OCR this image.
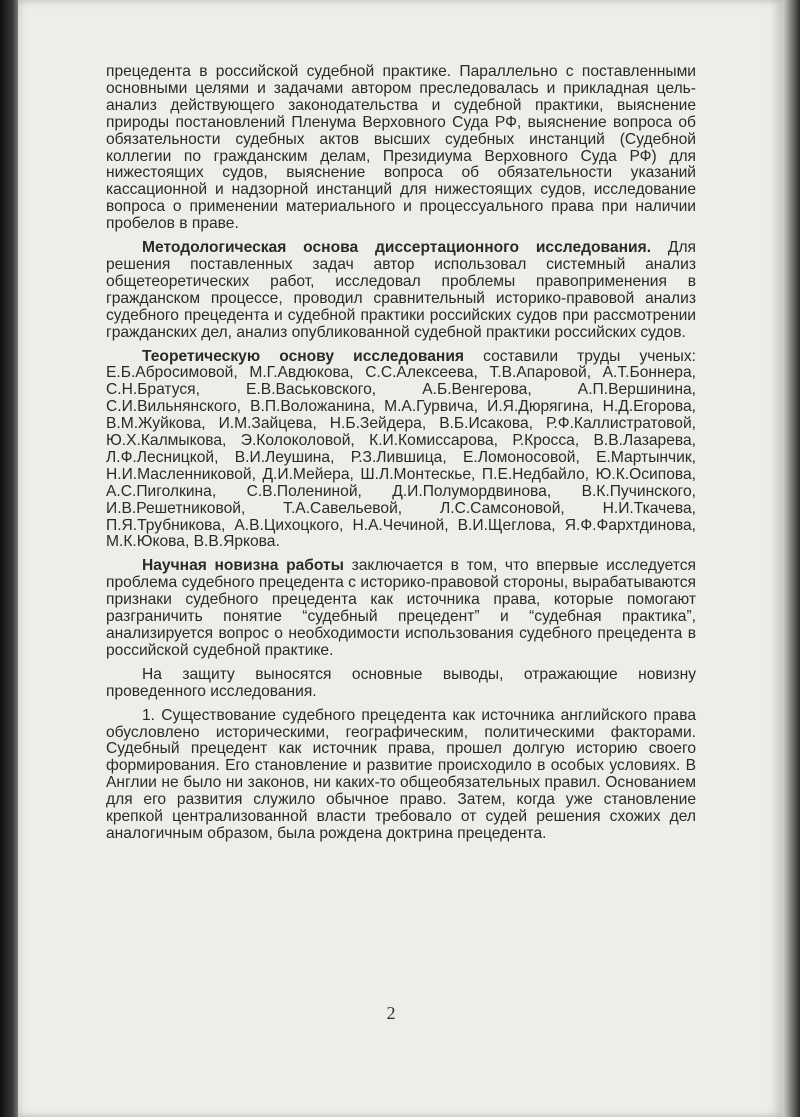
прецедента в российской судебной практике. Параллельно с поставленными основными целями и задачами автором преследовалась и прикладная цель- анализ действующего законодательства и судебной практики, выяснение природы постановлений Пленума Верховного Суда РФ, выяснение вопроса об обязательности судебных актов высших судебных инстанций (Судебной коллегии по гражданским делам, Президиума Верховного Суда РФ) для нижестоящих судов, выяснение вопроса об обязательности указаний кассационной и надзорной инстанций для нижестоящих судов, исследование вопроса о применении материального и процессуального права при наличии пробелов в праве.

Методологическая основа диссертационного исследования. Для решения поставленных задач автор использовал системный анализ общетеоретических работ, исследовал проблемы правоприменения в гражданском процессе, проводил сравнительный историко-правовой анализ судебного прецедента и судебной практики российских судов при рассмотрении гражданских дел, анализ опубликованной судебной практики российских судов.

Теоретическую основу исследования составили труды ученых: Е.Б.Абросимовой, М.Г.Авдюкова, С.С.Алексеева, Т.В.Апаровой, А.Т.Боннера, С.Н.Братуся, Е.В.Васьковского, А.Б.Венгерова, А.П.Вершинина, С.И.Вильнянского, В.П.Воложанина, М.А.Гурвича, И.Я.Дюрягина, Н.Д.Егорова, В.М.Жуйкова, И.М.Зайцева, Н.Б.Зейдера, В.Б.Исакова, Р.Ф.Каллистратовой, Ю.Х.Калмыкова, Э.Колоколовой, К.И.Комиссарова, Р.Кросса, В.В.Лазарева, Л.Ф.Лесницкой, В.И.Леушина, Р.З.Лившица, Е.Ломоносовой, Е.Мартынчик, Н.И.Масленниковой, Д.И.Мейера, Ш.Л.Монтескье, П.Е.Недбайло, Ю.К.Осипова, А.С.Пиголкина, С.В.Полениной, Д.И.Полумордвинова, В.К.Пучинского, И.В.Решетниковой, Т.А.Савельевой, Л.С.Самсоновой, Н.И.Ткачева, П.Я.Трубникова, А.В.Цихоцкого, Н.А.Чечиной, В.И.Щеглова, Я.Ф.Фархтдинова, М.К.Юкова, В.В.Яркова.

Научная новизна работы заключается в том, что впервые исследуется проблема судебного прецедента с историко-правовой стороны, вырабатываются признаки судебного прецедента как источника права, которые помогают разграничить понятие “судебный прецедент” и “судебная практика”, анализируется вопрос о необходимости использования судебного прецедента в российской судебной практике.

На защиту выносятся основные выводы, отражающие новизну проведенного исследования.

1. Существование судебного прецедента как источника английского права обусловлено историческими, географическим, политическими факторами. Судебный прецедент как источник права, прошел долгую историю своего формирования. Его становление и развитие происходило в особых условиях. В Англии не было ни законов, ни каких-то общеобязательных правил. Основанием для его развития служило обычное право. Затем, когда уже становление крепкой централизованной власти требовало от судей решения схожих дел аналогичным образом, была рождена доктрина прецедента.

2
